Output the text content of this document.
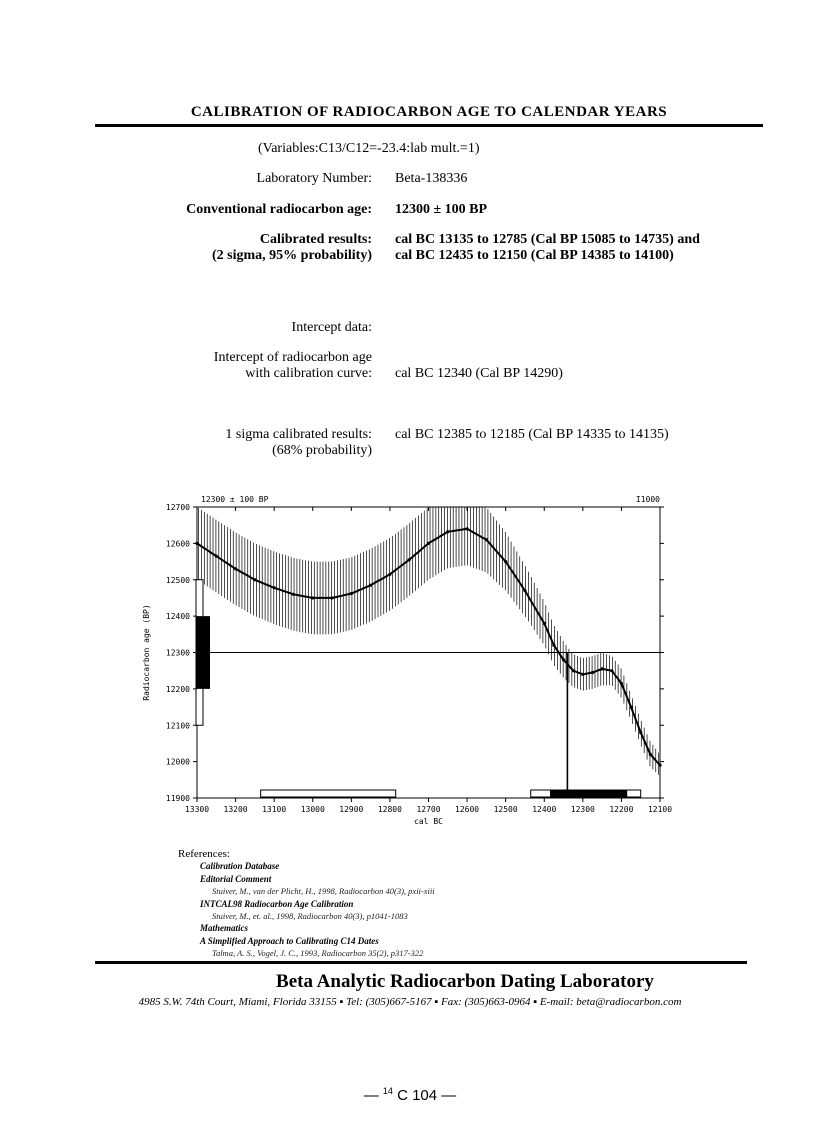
CALIBRATION OF RADIOCARBON AGE TO CALENDAR YEARS
(Variables:C13/C12=-23.4:lab mult.=1)
Laboratory Number: Beta-138336
Conventional radiocarbon age: 12300 ± 100 BP
Calibrated results:
(2 sigma, 95% probability)
cal BC 13135 to 12785 (Cal BP 15085 to 14735) and
cal BC 12435 to 12150 (Cal BP 14385 to 14100)
Intercept data:
Intercept of radiocarbon age
with calibration curve: cal BC 12340 (Cal BP 14290)
1 sigma calibrated results:
(68% probability)
cal BC 12385 to 12185 (Cal BP 14335 to 14135)
13300 13200 13100 13000 12900 12800 12700 12600 12500 12400 12300 12200 12100
11900
12000
12100
12200
12300
12400
12500
12600
12700
12300 ± 100 BP	I1000
cal BC
Radiocarbon age (BP)
References:
Calibration Database
Editorial Comment
Stuiver, M., van der Plicht, H., 1998, Radiocarbon 40(3), pxii-xiii
INTCAL98 Radiocarbon Age Calibration
Stuiver, M., et. al., 1998, Radiocarbon 40(3), p1041-1083
Mathematics
A Simplified Approach to Calibrating C14 Dates
Talma, A. S., Vogel, J. C., 1993, Radiocarbon 35(2), p317-322
Beta Analytic Radiocarbon Dating Laboratory
4985 S.W. 74th Court, Miami, Florida 33155 ▪ Tel: (305)667-5167 ▪ Fax: (305)663-0964 ▪ E-mail: beta@radiocarbon.com
— $^{14}$ C 104 —
